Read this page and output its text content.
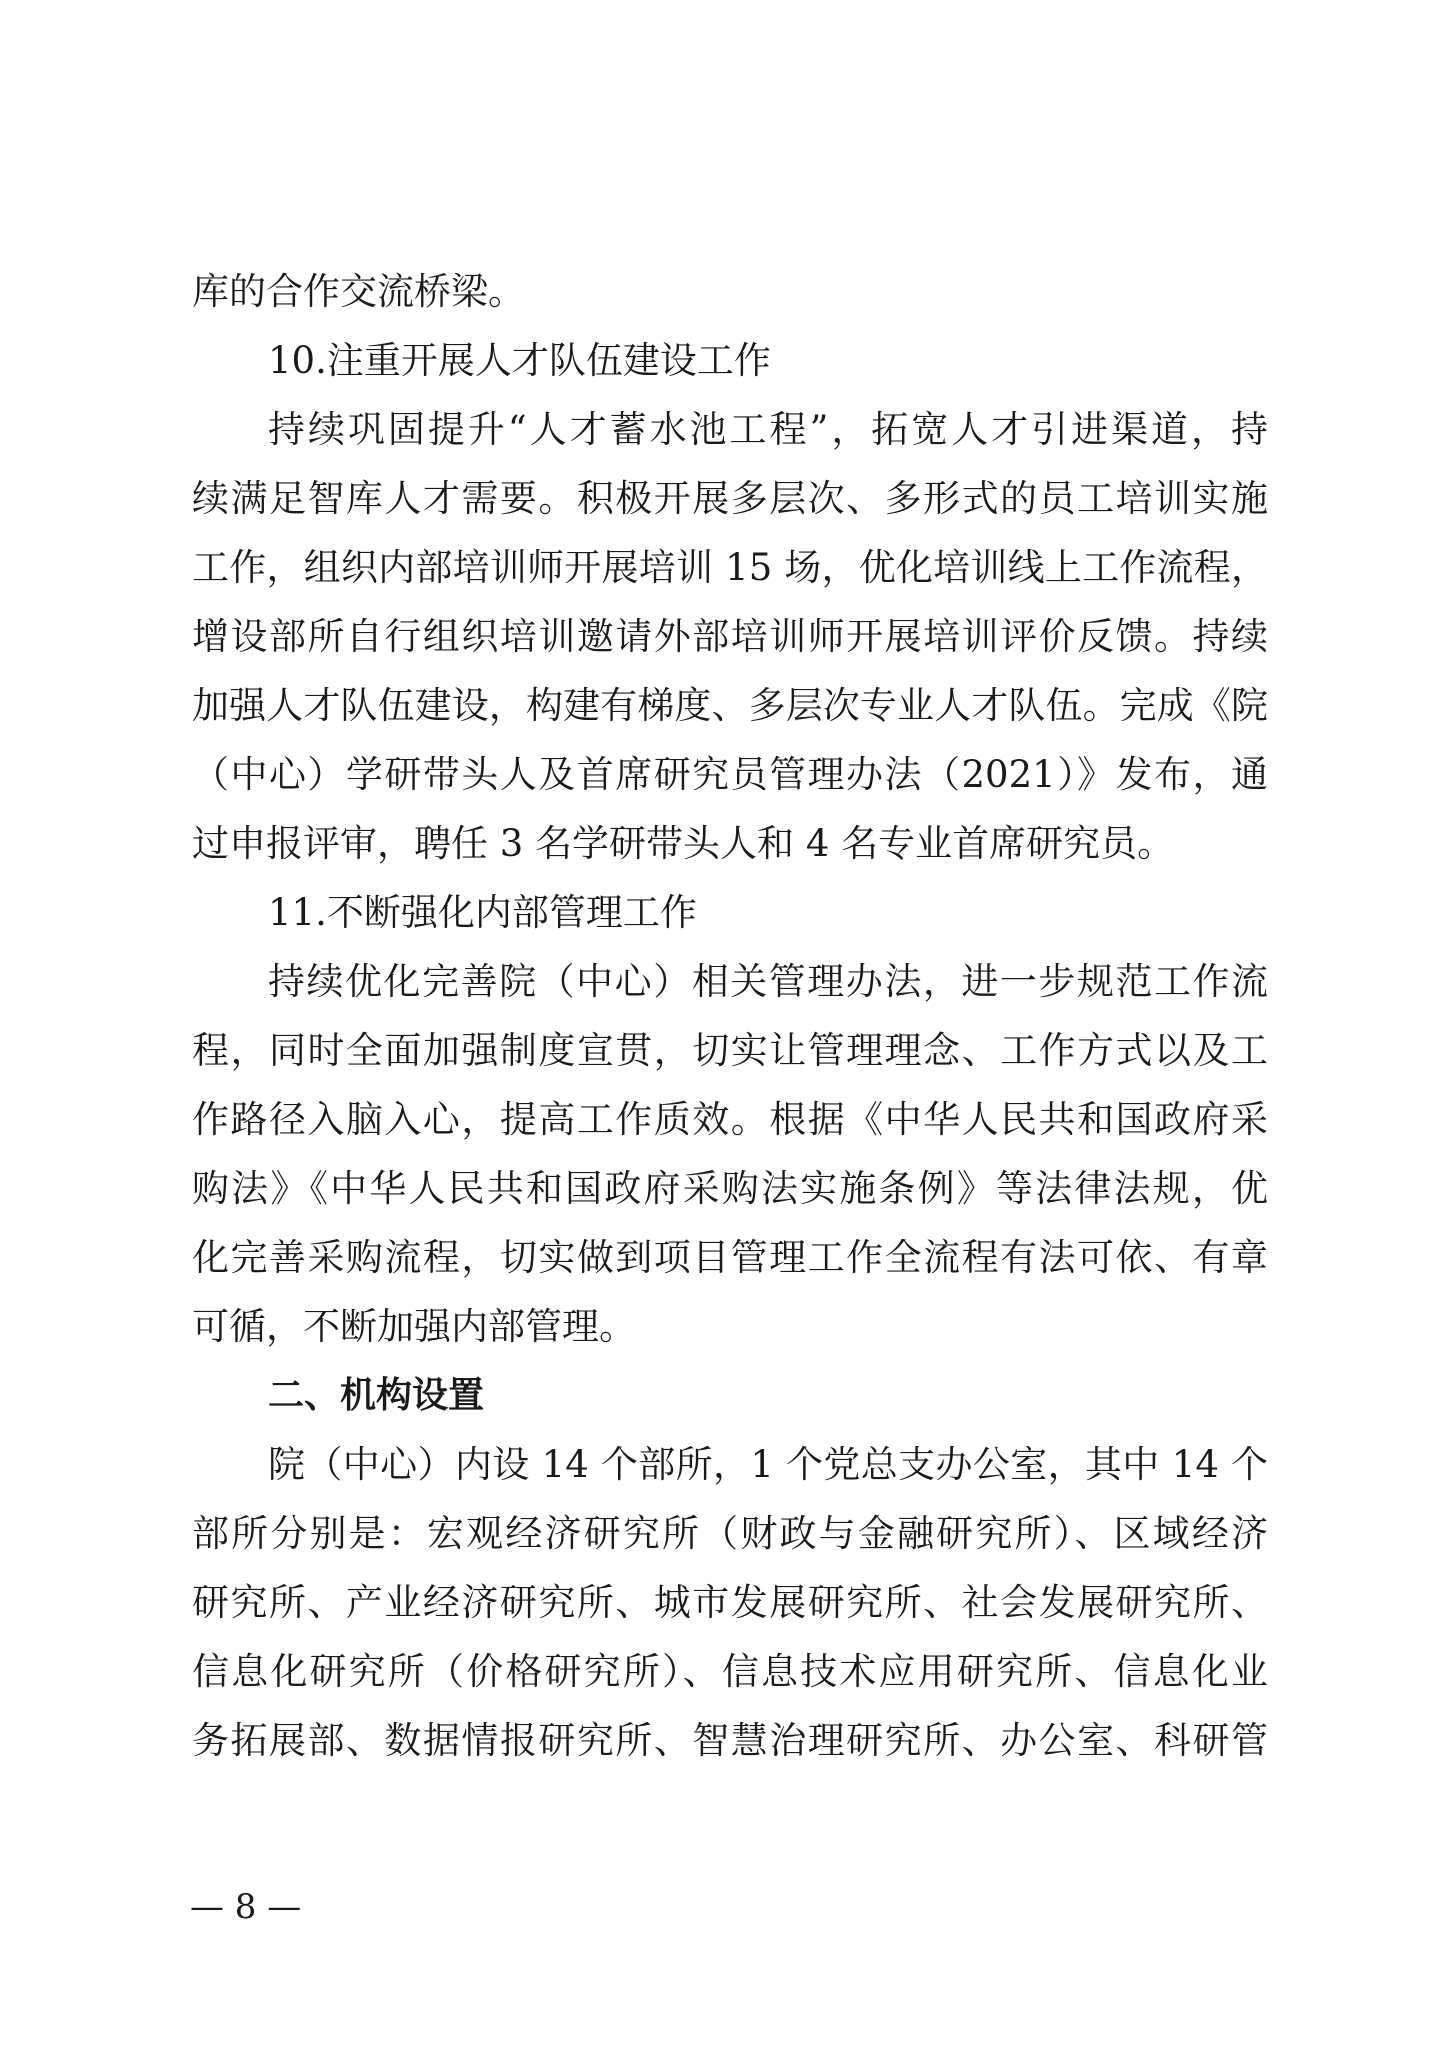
库的合作交流桥梁。
10.注重开展人才队伍建设工作
持续巩固提升“人才蓄水池工程”，拓宽人才引进渠道，持
续满足智库人才需要。积极开展多层次、多形式的员工培训实施
工作，组织内部培训师开展培训 15 场，优化培训线上工作流程，
增设部所自行组织培训邀请外部培训师开展培训评价反馈。持续
加强人才队伍建设，构建有梯度、多层次专业人才队伍。完成《院
（中心）学研带头人及首席研究员管理办法（2021）》发布，通
过申报评审，聘任 3 名学研带头人和 4 名专业首席研究员。
11.不断强化内部管理工作
持续优化完善院（中心）相关管理办法，进一步规范工作流
程，同时全面加强制度宣贯，切实让管理理念、工作方式以及工
作路径入脑入心，提高工作质效。根据《中华人民共和国政府采
购法》《中华人民共和国政府采购法实施条例》等法律法规，优
化完善采购流程，切实做到项目管理工作全流程有法可依、有章
可循，不断加强内部管理。
二、机构设置
院（中心）内设 14 个部所，1 个党总支办公室，其中 14 个
部所分别是：宏观经济研究所（财政与金融研究所）、区域经济
研究所、产业经济研究所、城市发展研究所、社会发展研究所、
信息化研究所（价格研究所）、信息技术应用研究所、信息化业
务拓展部、数据情报研究所、智慧治理研究所、办公室、科研管
— 8 —
